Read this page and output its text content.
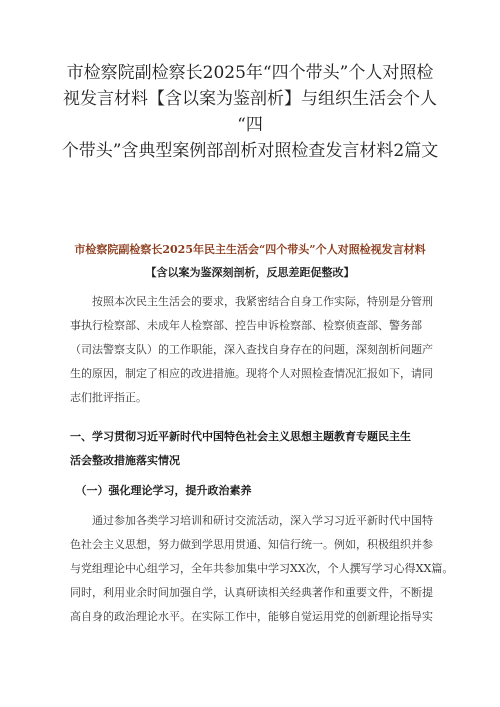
市检察院副检察长2025年“四个带头”个人对照检
视发言材料【含以案为鉴剖析】与组织生活会个人
“四
个带头”含典型案例部剖析对照检查发言材料2篇文
市检察院副检察长2025年民主生活会“四个带头”个人对照检视发言材料
【含以案为鉴深刻剖析，反思差距促整改】
　　按照本次民主生活会的要求，我紧密结合自身工作实际，特别是分管刑
事执行检察部、未成年人检察部、控告申诉检察部、检察侦查部、警务部
（司法警察支队）的工作职能，深入查找自身存在的问题，深刻剖析问题产
生的原因，制定了相应的改进措施。现将个人对照检查情况汇报如下，请同
志们批评指正。
一、学习贯彻习近平新时代中国特色社会主义思想主题教育专题民主生
活会整改措施落实情况
　（一）强化理论学习，提升政治素养
　　通过参加各类学习培训和研讨交流活动，深入学习习近平新时代中国特
色社会主义思想，努力做到学思用贯通、知信行统一。例如，积极组织并参
与党组理论中心组学习，全年共参加集中学习XX次，个人撰写学习心得XX篇。
同时，利用业余时间加强自学，认真研读相关经典著作和重要文件，不断提
高自身的政治理论水平。在实际工作中，能够自觉运用党的创新理论指导实
